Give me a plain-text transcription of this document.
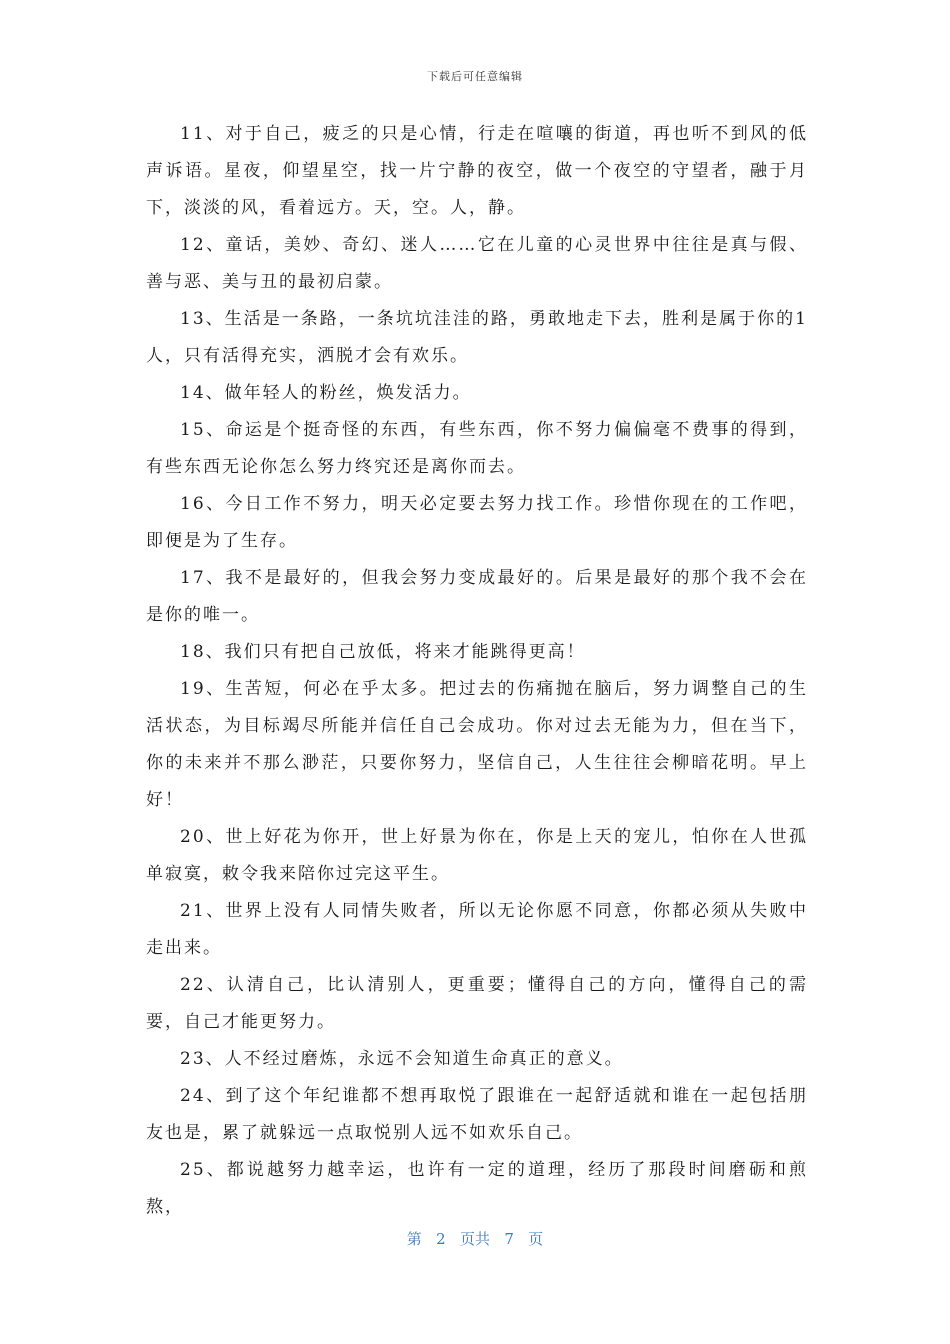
下载后可任意编辑

11、对于自己，疲乏的只是心情，行走在喧嚷的街道，再也听不到风的低声诉语。星夜，仰望星空，找一片宁静的夜空，做一个夜空的守望者，融于月下，淡淡的风，看着远方。天，空。人，静。

12、童话，美妙、奇幻、迷人……它在儿童的心灵世界中往往是真与假、善与恶、美与丑的最初启蒙。

13、生活是一条路，一条坑坑洼洼的路，勇敢地走下去，胜利是属于你的1人，只有活得充实，洒脱才会有欢乐。

14、做年轻人的粉丝，焕发活力。

15、命运是个挺奇怪的东西，有些东西，你不努力偏偏毫不费事的得到，有些东西无论你怎么努力终究还是离你而去。

16、今日工作不努力，明天必定要去努力找工作。珍惜你现在的工作吧，即便是为了生存。

17、我不是最好的，但我会努力变成最好的。后果是最好的那个我不会在是你的唯一。

18、我们只有把自己放低，将来才能跳得更高！

19、生苦短，何必在乎太多。把过去的伤痛抛在脑后，努力调整自己的生活状态，为目标竭尽所能并信任自己会成功。你对过去无能为力，但在当下，你的未来并不那么渺茫，只要你努力，坚信自己，人生往往会柳暗花明。早上好！

20、世上好花为你开，世上好景为你在，你是上天的宠儿，怕你在人世孤单寂寞，敕令我来陪你过完这平生。

21、世界上没有人同情失败者，所以无论你愿不同意，你都必须从失败中走出来。

22、认清自己，比认清别人，更重要；懂得自己的方向，懂得自己的需要，自己才能更努力。

23、人不经过磨炼，永远不会知道生命真正的意义。

24、到了这个年纪谁都不想再取悦了跟谁在一起舒适就和谁在一起包括朋友也是，累了就躲远一点取悦别人远不如欢乐自己。

25、都说越努力越幸运，也许有一定的道理，经历了那段时间磨砺和煎熬，

第 2 页共 7 页
